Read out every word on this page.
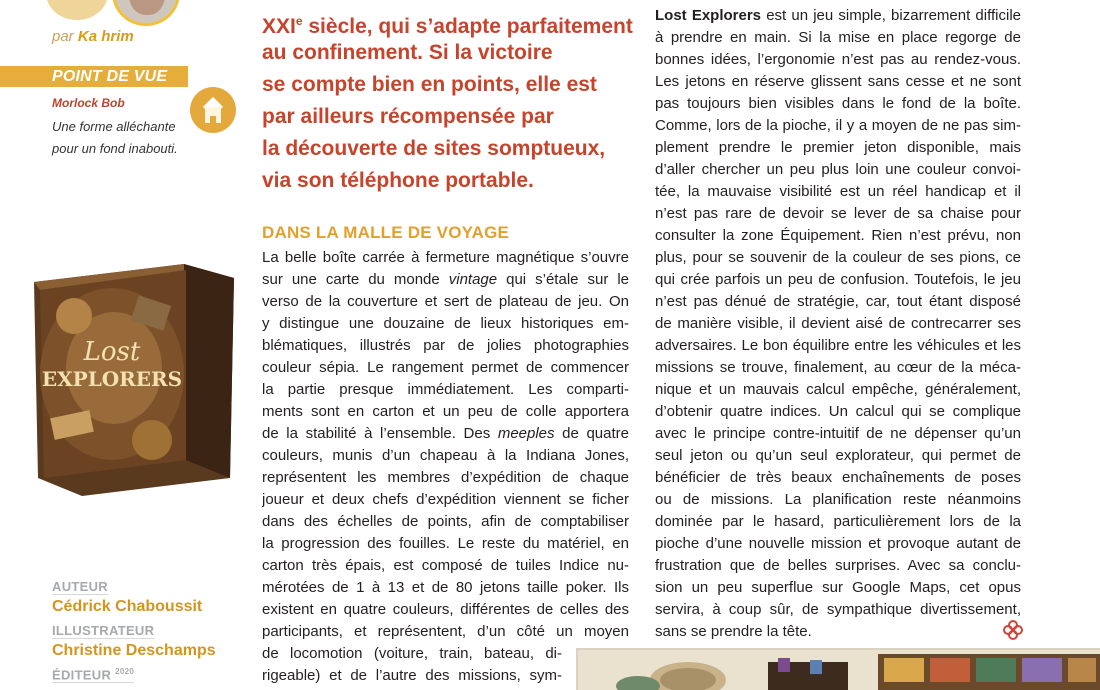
par Ka hrim
POINT DE VUE
Morlock Bob
Une forme alléchante
pour un fond inabouti.
Lost
EXPLORERS
AUTEUR
Cédrick Chaboussit
ILLUSTRATEUR
Christine Deschamps
ÉDITEUR $^{2020}$
XXIe siècle, qui s’adapte parfaitement
au confinement. Si la victoire
se compte bien en points, elle est
par ailleurs récompensée par
la découverte de sites somptueux,
via son téléphone portable.
DANS LA MALLE DE VOYAGE
La belle boîte carrée à fermeture magnétique s’ouvre
sur une carte du monde vintage qui s’étale sur le
verso de la couverture et sert de plateau de jeu. On
y distingue une douzaine de lieux historiques em-
blématiques, illustrés par de jolies photographies
couleur sépia. Le rangement permet de commencer
la partie presque immédiatement. Les comparti-
ments sont en carton et un peu de colle apportera
de la stabilité à l’ensemble. Des meeples de quatre
couleurs, munis d’un chapeau à la Indiana Jones,
représentent les membres d’expédition de chaque
joueur et deux chefs d’expédition viennent se ficher
dans des échelles de points, afin de comptabiliser
la progression des fouilles. Le reste du matériel, en
carton très épais, est composé de tuiles Indice nu-
mérotées de 1 à 13 et de 80 jetons taille poker. Ils
existent en quatre couleurs, différentes de celles des
participants, et représentent, d’un côté un moyen
de locomotion (voiture, train, bateau, di-
rigeable) et de l’autre des missions, sym-
Lost Explorers est un jeu simple, bizarrement difficile
à prendre en main. Si la mise en place regorge de
bonnes idées, l’ergonomie n’est pas au rendez-vous.
Les jetons en réserve glissent sans cesse et ne sont
pas toujours bien visibles dans le fond de la boîte.
Comme, lors de la pioche, il y a moyen de ne pas sim-
plement prendre le premier jeton disponible, mais
d’aller chercher un peu plus loin une couleur convoi-
tée, la mauvaise visibilité est un réel handicap et il
n’est pas rare de devoir se lever de sa chaise pour
consulter la zone Équipement. Rien n’est prévu, non
plus, pour se souvenir de la couleur de ses pions, ce
qui crée parfois un peu de confusion. Toutefois, le jeu
n’est pas dénué de stratégie, car, tout étant disposé
de manière visible, il devient aisé de contrecarrer ses
adversaires. Le bon équilibre entre les véhicules et les
missions se trouve, finalement, au cœur de la méca-
nique et un mauvais calcul empêche, généralement,
d’obtenir quatre indices. Un calcul qui se complique
avec le principe contre-intuitif de ne dépenser qu’un
seul jeton ou qu’un seul explorateur, qui permet de
bénéficier de très beaux enchaînements de poses
ou de missions. La planification reste néanmoins
dominée par le hasard, particulièrement lors de la
pioche d’une nouvelle mission et provoque autant de
frustration que de belles surprises. Avec sa conclu-
sion un peu superflue sur Google Maps, cet opus
servira, à coup sûr, de sympathique divertissement,
sans se prendre la tête.
